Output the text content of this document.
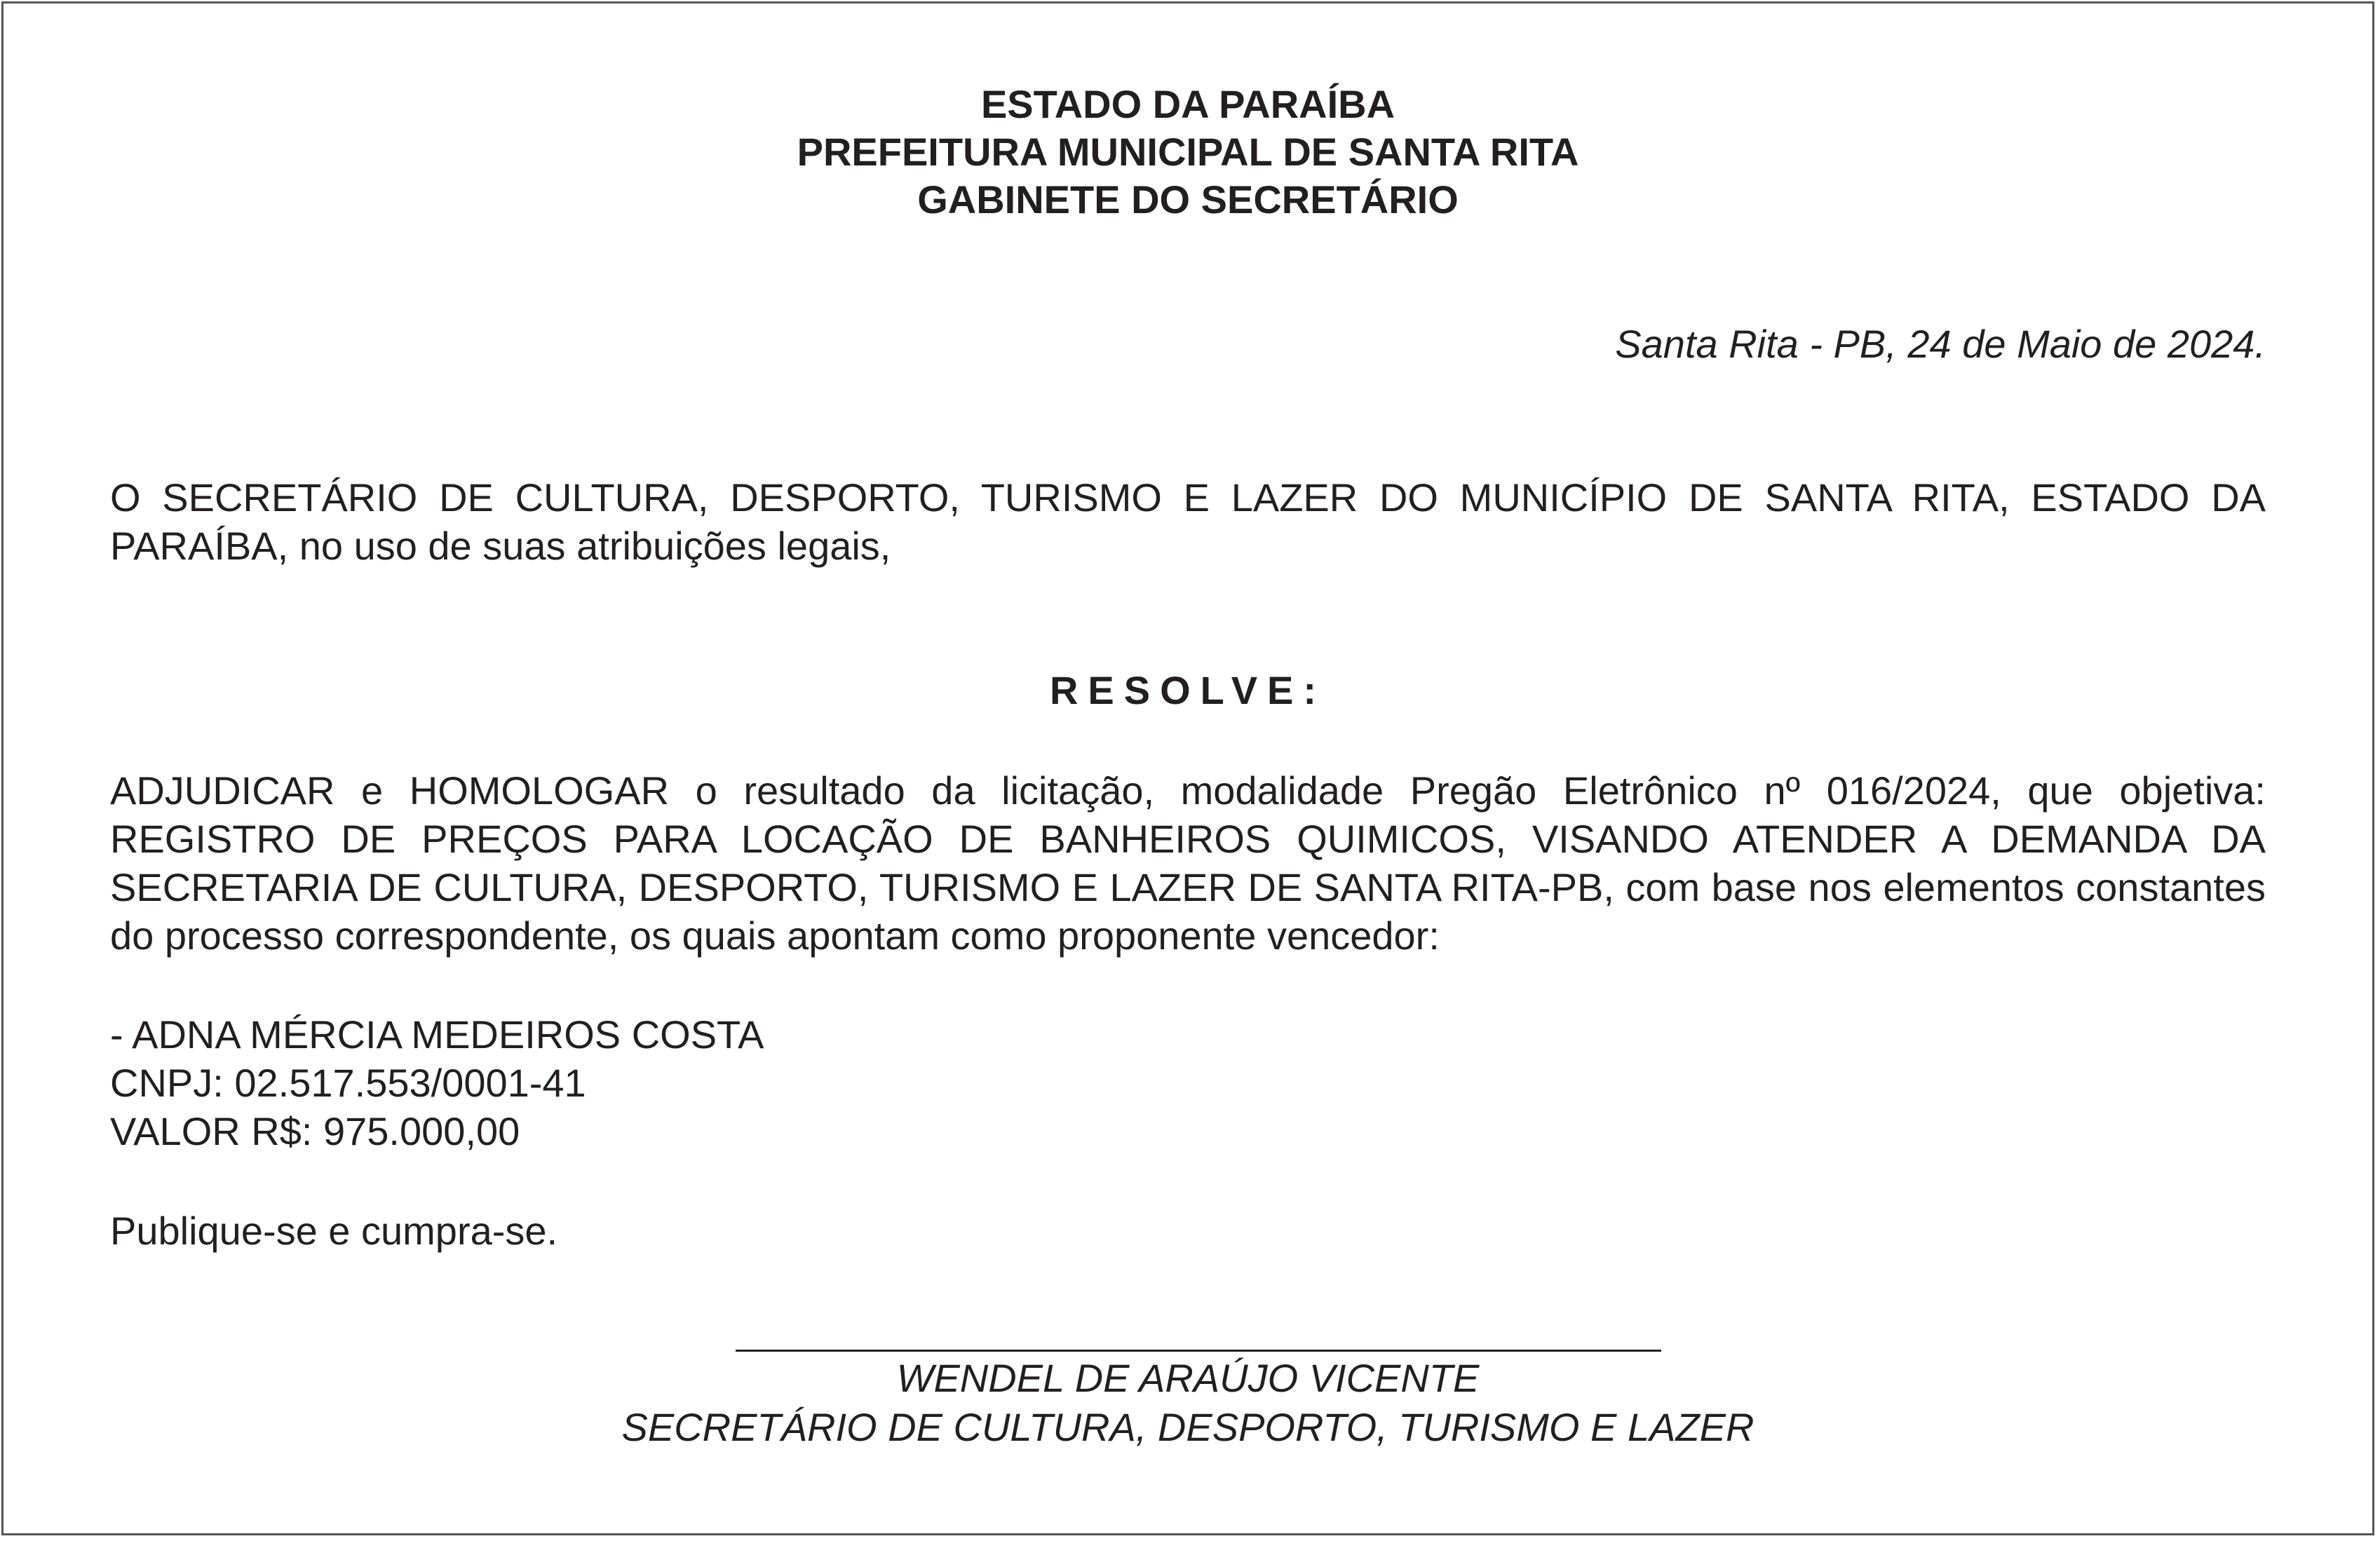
ESTADO DA PARAÍBA
PREFEITURA MUNICIPAL DE SANTA RITA
GABINETE DO SECRETÁRIO
Santa Rita - PB, 24 de Maio de 2024.
O SECRETÁRIO DE CULTURA, DESPORTO, TURISMO E LAZER DO MUNICÍPIO DE SANTA RITA, ESTADO DA PARAÍBA, no uso de suas atribuições legais,
RESOLVE:
ADJUDICAR e HOMOLOGAR o resultado da licitação, modalidade Pregão Eletrônico nº 016/2024, que objetiva: REGISTRO DE PREÇOS PARA LOCAÇÃO DE BANHEIROS QUIMICOS, VISANDO ATENDER A DEMANDA DA SECRETARIA DE CULTURA, DESPORTO, TURISMO E LAZER DE SANTA RITA-PB, com base nos elementos constantes do processo correspondente, os quais apontam como proponente vencedor:
- ADNA MÉRCIA MEDEIROS COSTA
CNPJ: 02.517.553/0001-41
VALOR R$: 975.000,00
Publique-se e cumpra-se.
WENDEL DE ARAÚJO VICENTE
SECRETÁRIO DE CULTURA, DESPORTO, TURISMO E LAZER
